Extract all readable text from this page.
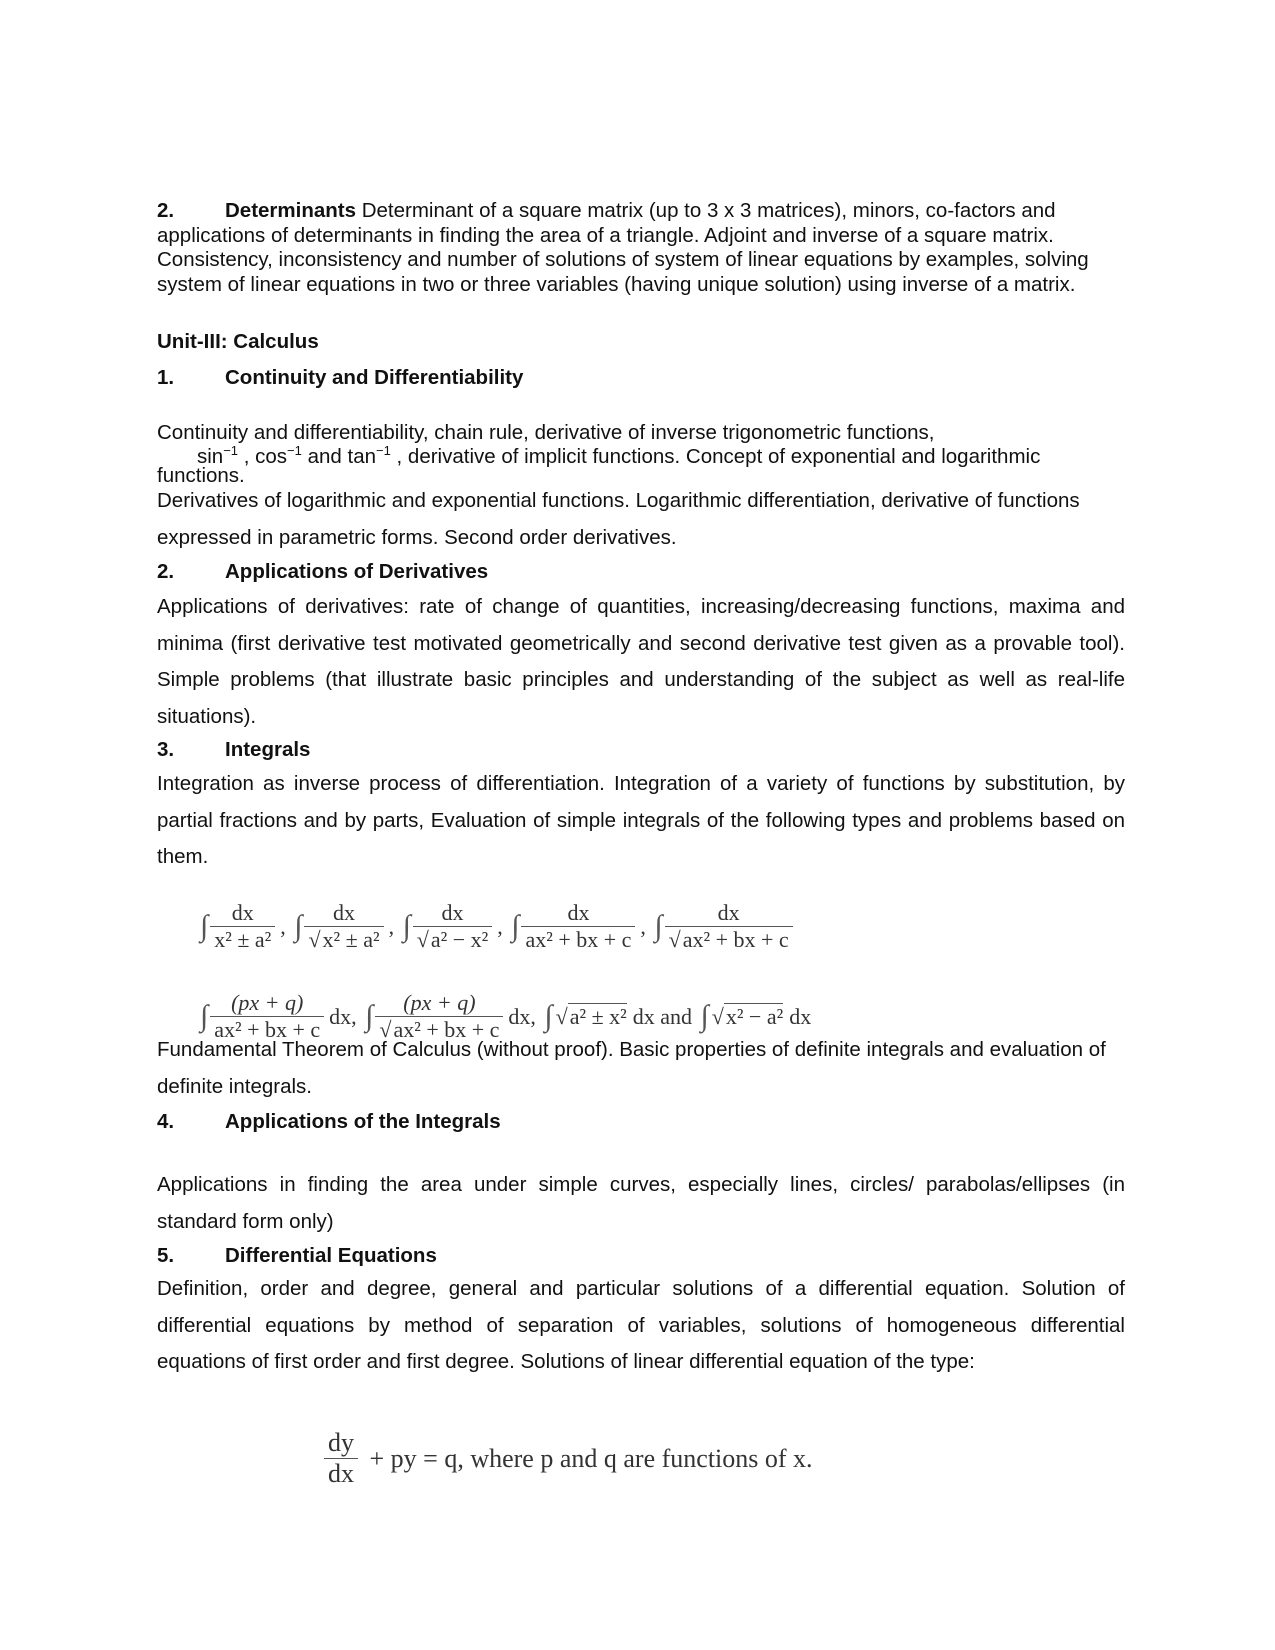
2. Determinants Determinant of a square matrix (up to 3 x 3 matrices), minors, co-factors and applications of determinants in finding the area of a triangle. Adjoint and inverse of a square matrix. Consistency, inconsistency and number of solutions of system of linear equations by examples, solving system of linear equations in two or three variables (having unique solution) using inverse of a matrix.
Unit-III: Calculus
1. Continuity and Differentiability
Continuity and differentiability, chain rule, derivative of inverse trigonometric functions,
$\sin^{-1}$ , $\cos^{-1}$ and $\tan^{-1}$ , derivative of implicit functions. Concept of exponential and logarithmic
functions.
Derivatives of logarithmic and exponential functions. Logarithmic differentiation, derivative of functions expressed in parametric forms. Second order derivatives.
2. Applications of Derivatives
Applications of derivatives: rate of change of quantities, increasing/decreasing functions, maxima and minima (first derivative test motivated geometrically and second derivative test given as a provable tool). Simple problems (that illustrate basic principles and understanding of the subject as well as real-life situations).
3. Integrals
Integration as inverse process of differentiation. Integration of a variety of functions by substitution, by partial fractions and by parts, Evaluation of simple integrals of the following types and problems based on them.
∫ $\frac{dx}{\text{x² ± a²}}$ , ∫ $\frac{dx}{\text{√x² ± a²}}$ , ∫ $\frac{dx}{\text{√a² − x²}}$ , ∫ $\frac{dx}{\text{ax² + bx + c}}$ , ∫ $\frac{dx}{\text{√ax² + bx + c}}$
∫ $\frac{(px + q)}{\text{ax² + bx + c}}$ dx, ∫ $\frac{(px + q)}{\text{√ax² + bx + c}}$ dx, ∫ √a² ± x² dx and ∫ √x² − a² dx
Fundamental Theorem of Calculus (without proof). Basic properties of definite integrals and evaluation of definite integrals.
4. Applications of the Integrals
Applications in finding the area under simple curves, especially lines, circles/ parabolas/ellipses (in standard form only)
5. Differential Equations
Definition, order and degree, general and particular solutions of a differential equation. Solution of differential equations by method of separation of variables, solutions of homogeneous differential equations of first order and first degree. Solutions of linear differential equation of the type:
$\frac{dy}{dx}$ + py = q, where p and q are functions of x.
